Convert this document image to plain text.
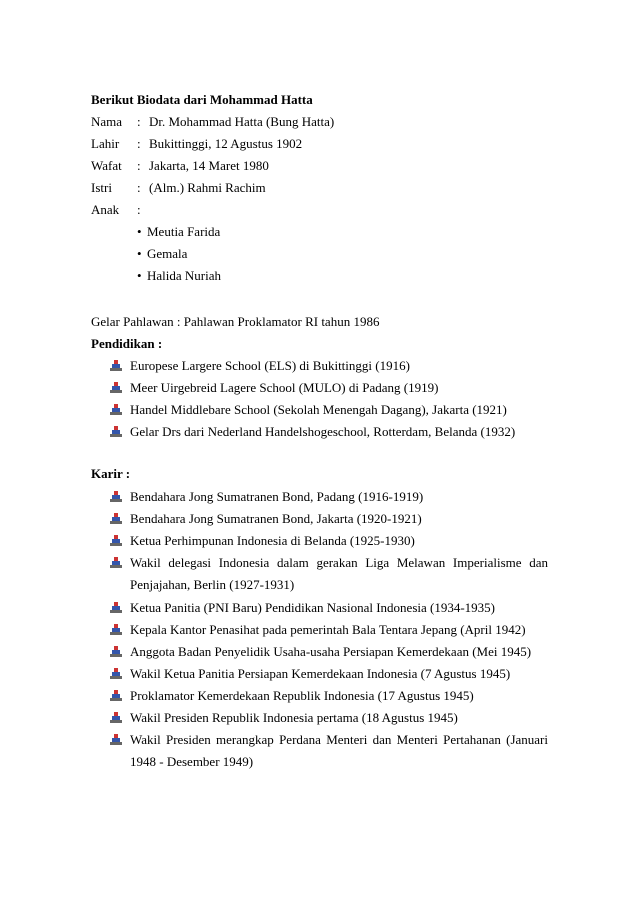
Berikut Biodata dari Mohammad Hatta
Nama : Dr. Mohammad Hatta (Bung Hatta)
Lahir : Bukittinggi, 12 Agustus 1902
Wafat : Jakarta, 14 Maret 1980
Istri : (Alm.) Rahmi Rachim
Anak :
• Meutia Farida
• Gemala
• Halida Nuriah
Gelar Pahlawan : Pahlawan Proklamator RI tahun 1986
Pendidikan :
Europese Largere School (ELS) di Bukittinggi (1916)
Meer Uirgebreid Lagere School (MULO) di Padang (1919)
Handel Middlebare School (Sekolah Menengah Dagang), Jakarta (1921)
Gelar Drs dari Nederland Handelshogeschool, Rotterdam, Belanda (1932)
Karir :
Bendahara Jong Sumatranen Bond, Padang (1916-1919)
Bendahara Jong Sumatranen Bond, Jakarta (1920-1921)
Ketua Perhimpunan Indonesia di Belanda (1925-1930)
Wakil delegasi Indonesia dalam gerakan Liga Melawan Imperialisme dan Penjajahan, Berlin (1927-1931)
Ketua Panitia (PNI Baru) Pendidikan Nasional Indonesia (1934-1935)
Kepala Kantor Penasihat pada pemerintah Bala Tentara Jepang (April 1942)
Anggota Badan Penyelidik Usaha-usaha Persiapan Kemerdekaan (Mei 1945)
Wakil Ketua Panitia Persiapan Kemerdekaan Indonesia (7 Agustus 1945)
Proklamator Kemerdekaan Republik Indonesia (17 Agustus 1945)
Wakil Presiden Republik Indonesia pertama (18 Agustus 1945)
Wakil Presiden merangkap Perdana Menteri dan Menteri Pertahanan (Januari 1948 - Desember 1949)
